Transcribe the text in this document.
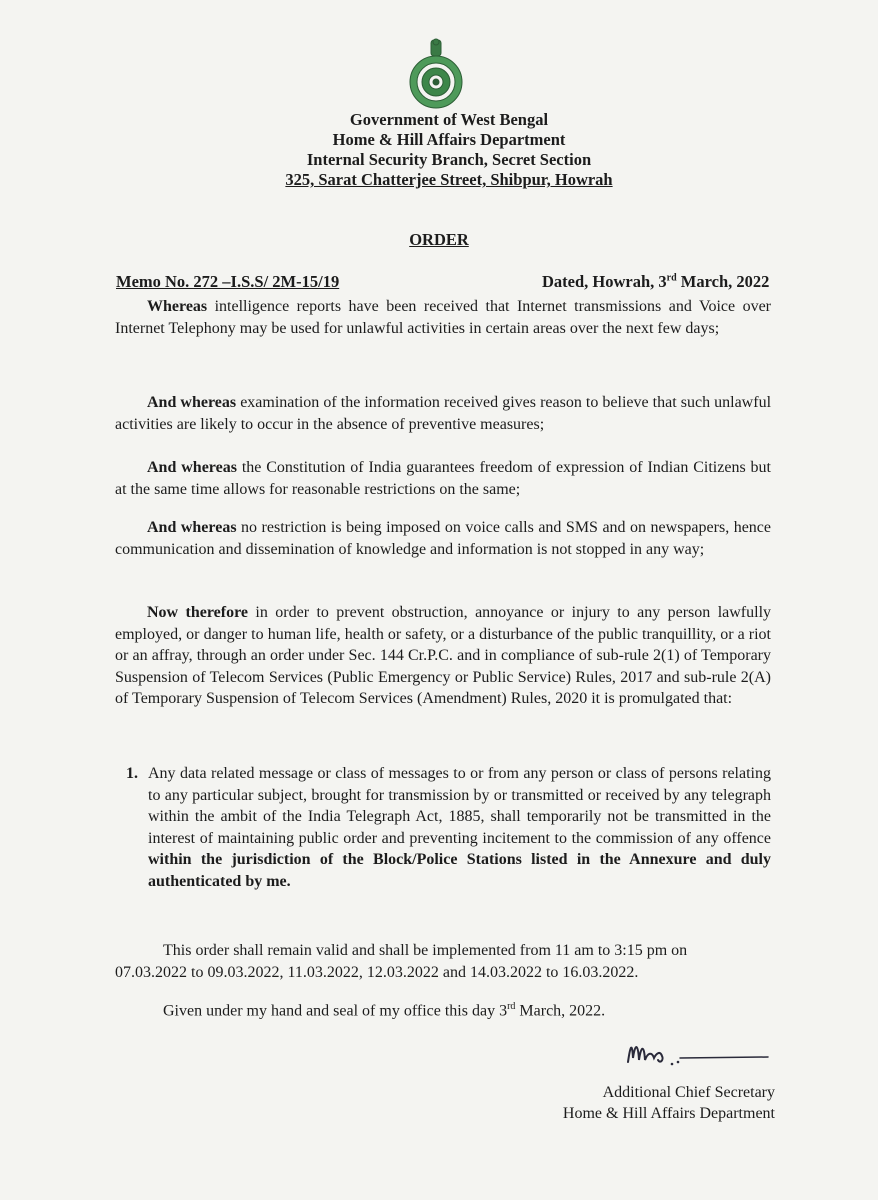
Government of West Bengal
Home & Hill Affairs Department
Internal Security Branch, Secret Section
325, Sarat Chatterjee Street, Shibpur, Howrah
ORDER
Memo No. 272 –I.S.S/ 2M-15/19	Dated, Howrah, 3rd March, 2022
Whereas intelligence reports have been received that Internet transmissions and Voice over Internet Telephony may be used for unlawful activities in certain areas over the next few days;
And whereas examination of the information received gives reason to believe that such unlawful activities are likely to occur in the absence of preventive measures;
And whereas the Constitution of India guarantees freedom of expression of Indian Citizens but at the same time allows for reasonable restrictions on the same;
And whereas no restriction is being imposed on voice calls and SMS and on newspapers, hence communication and dissemination of knowledge and information is not stopped in any way;
Now therefore in order to prevent obstruction, annoyance or injury to any person lawfully employed, or danger to human life, health or safety, or a disturbance of the public tranquillity, or a riot or an affray, through an order under Sec. 144 Cr.P.C. and in compliance of sub-rule 2(1) of Temporary Suspension of Telecom Services (Public Emergency or Public Service) Rules, 2017 and sub-rule 2(A) of Temporary Suspension of Telecom Services (Amendment) Rules, 2020 it is promulgated that:
1. Any data related message or class of messages to or from any person or class of persons relating to any particular subject, brought for transmission by or transmitted or received by any telegraph within the ambit of the India Telegraph Act, 1885, shall temporarily not be transmitted in the interest of maintaining public order and preventing incitement to the commission of any offence within the jurisdiction of the Block/Police Stations listed in the Annexure and duly authenticated by me.
This order shall remain valid and shall be implemented from 11 am to 3:15 pm on
07.03.2022 to 09.03.2022, 11.03.2022, 12.03.2022 and 14.03.2022 to 16.03.2022.
Given under my hand and seal of my office this day 3rd March, 2022.
Additional Chief Secretary
Home & Hill Affairs Department
